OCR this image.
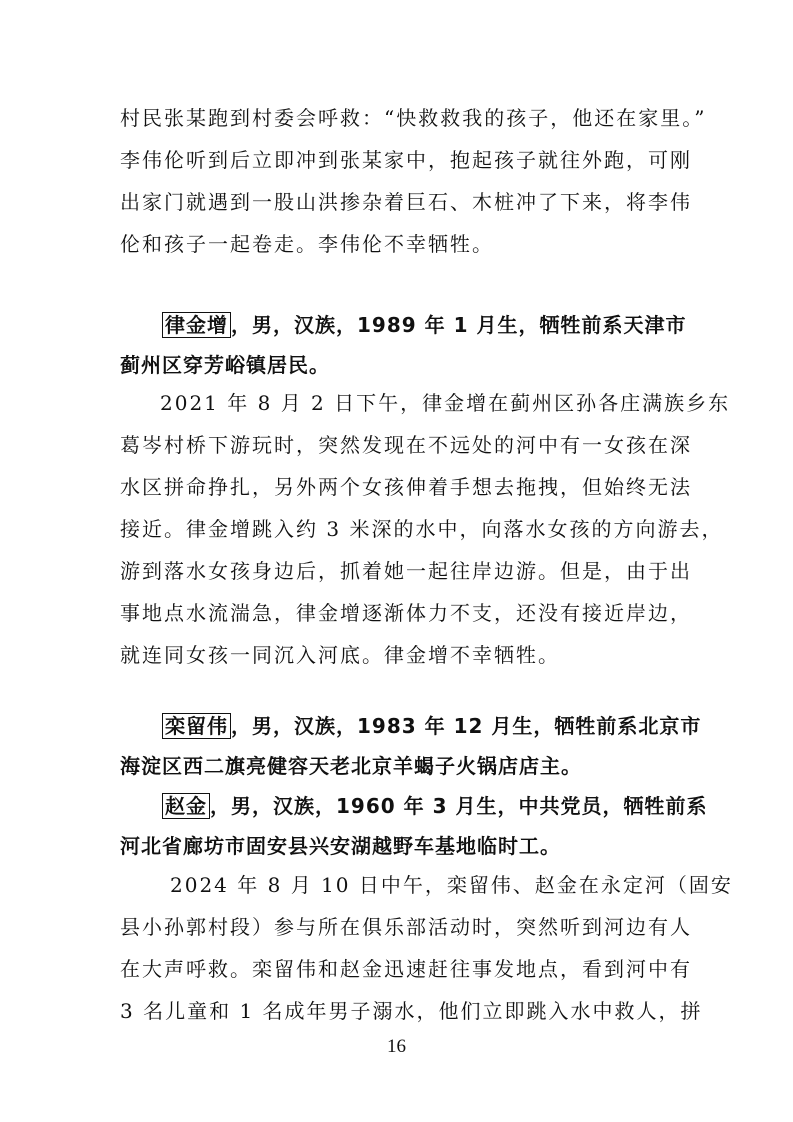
村民张某跑到村委会呼救：“快救救我的孩子，他还在家里。”
李伟伦听到后立即冲到张某家中，抱起孩子就往外跑，可刚
出家门就遇到一股山洪掺杂着巨石、木桩冲了下来，将李伟
伦和孩子一起卷走。李伟伦不幸牺牲。
律金增 ，男，汉族，1989 年 1 月生，牺牲前系天津市
蓟州区穿芳峪镇居民。
2021 年 8 月 2 日下午，律金增在蓟州区孙各庄满族乡东
葛岑村桥下游玩时，突然发现在不远处的河中有一女孩在深
水区拼命挣扎，另外两个女孩伸着手想去拖拽，但始终无法
接近。律金增跳入约 3 米深的水中，向落水女孩的方向游去，
游到落水女孩身边后，抓着她一起往岸边游。但是，由于出
事地点水流湍急，律金增逐渐体力不支，还没有接近岸边，
就连同女孩一同沉入河底。律金增不幸牺牲。
栾留伟 ，男，汉族，1983 年 12 月生，牺牲前系北京市
海淀区西二旗亮健容天老北京羊蝎子火锅店店主。
赵金 ，男，汉族，1960 年 3 月生，中共党员，牺牲前系
河北省廊坊市固安县兴安湖越野车基地临时工。
2024 年 8 月 10 日中午，栾留伟、赵金在永定河（固安
县小孙郭村段）参与所在俱乐部活动时，突然听到河边有人
在大声呼救。栾留伟和赵金迅速赶往事发地点，看到河中有
3 名儿童和 1 名成年男子溺水，他们立即跳入水中救人，拼
16
